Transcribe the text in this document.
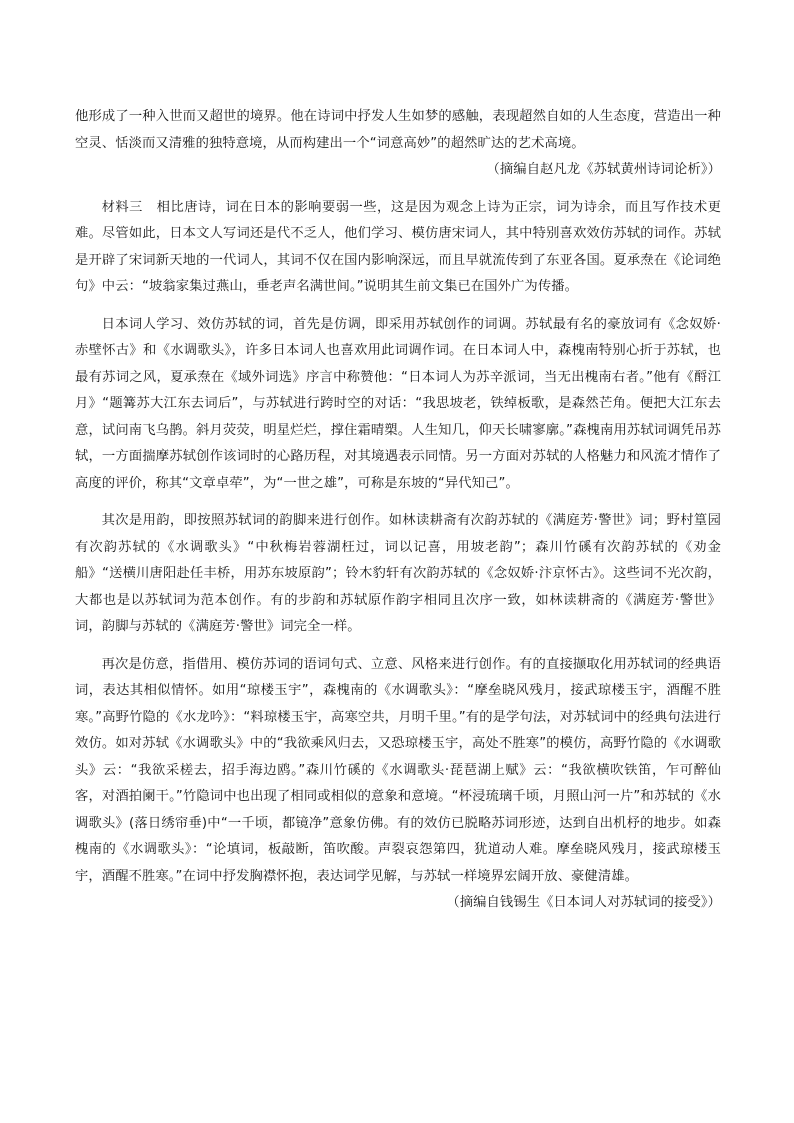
他形成了一种入世而又超世的境界。他在诗词中抒发人生如梦的感触，表现超然自如的人生态度，营造出一种空灵、恬淡而又清雅的独特意境，从而构建出一个“词意高妙”的超然旷达的艺术高境。

（摘编自赵凡龙《苏轼黄州诗词论析》）

材料三　相比唐诗，词在日本的影响要弱一些，这是因为观念上诗为正宗，词为诗余，而且写作技术更难。尽管如此，日本文人写词还是代不乏人，他们学习、模仿唐宋词人，其中特别喜欢效仿苏轼的词作。苏轼是开辟了宋词新天地的一代词人，其词不仅在国内影响深远，而且早就流传到了东亚各国。夏承焘在《论词绝句》中云：“坡翁家集过燕山，垂老声名满世间。”说明其生前文集已在国外广为传播。

日本词人学习、效仿苏轼的词，首先是仿调，即采用苏轼创作的词调。苏轼最有名的豪放词有《念奴娇·赤壁怀古》和《水调歌头》，许多日本词人也喜欢用此词调作词。在日本词人中，森槐南特别心折于苏轼，也最有苏词之风，夏承焘在《域外词选》序言中称赞他：“日本词人为苏辛派词，当无出槐南右者。”他有《酹江月》“题篝苏大江东去词后”，与苏轼进行跨时空的对话：“我思坡老，铁绰板歌，是森然芒角。便把大江东去意，试问南飞乌鹊。斜月荧荧，明星烂烂，撑住霜晴槊。人生知几，仰天长啸寥廓。”森槐南用苏轼词调凭吊苏轼，一方面揣摩苏轼创作该词时的心路历程，对其境遇表示同情。另一方面对苏轼的人格魅力和风流才情作了高度的评价，称其“文章卓荦”，为“一世之雄”，可称是东坡的“异代知己”。

其次是用韵，即按照苏轼词的韵脚来进行创作。如林读耕斋有次韵苏轼的《满庭芳·警世》词；野村篁园有次韵苏轼的《水调歌头》“中秋梅岩蓉湖枉过，词以记喜，用坡老韵”；森川竹磎有次韵苏轼的《劝金船》“送横川唐阳赴任丰桥，用苏东坡原韵”；铃木豹轩有次韵苏轼的《念奴娇·汴京怀古》。这些词不光次韵，大都也是以苏轼词为范本创作。有的步韵和苏轼原作韵字相同且次序一致，如林读耕斋的《满庭芳·警世》词，韵脚与苏轼的《满庭芳·警世》词完全一样。

再次是仿意，指借用、模仿苏词的语词句式、立意、风格来进行创作。有的直接撷取化用苏轼词的经典语词，表达其相似情怀。如用“琼楼玉宇”，森槐南的《水调歌头》：“摩垒晓风残月，接武琼楼玉宇，酒醒不胜寒。”高野竹隐的《水龙吟》：“料琼楼玉宇，高寒空共，月明千里。”有的是学句法，对苏轼词中的经典句法进行效仿。如对苏轼《水调歌头》中的“我欲乘风归去，又恐琼楼玉宇，高处不胜寒”的模仿，高野竹隐的《水调歌头》云：“我欲采槎去，招手海边鸥。”森川竹磎的《水调歌头·琵琶湖上赋》云：“我欲横吹铁笛，乍可醉仙客，对酒拍阑干。”竹隐词中也出现了相同或相似的意象和意境。“杯浸琉璃千顷，月照山河一片”和苏轼的《水调歌头》(落日绣帘垂)中“一千顷，都镜净”意象仿佛。有的效仿已脱略苏词形迹，达到自出机杼的地步。如森槐南的《水调歌头》：“论填词，板敲断，笛吹酸。声裂哀怨第四，犹道动人难。摩垒晓风残月，接武琼楼玉宇，酒醒不胜寒。”在词中抒发胸襟怀抱，表达词学见解，与苏轼一样境界宏阔开放、豪健清雄。

（摘编自钱锡生《日本词人对苏轼词的接受》）
